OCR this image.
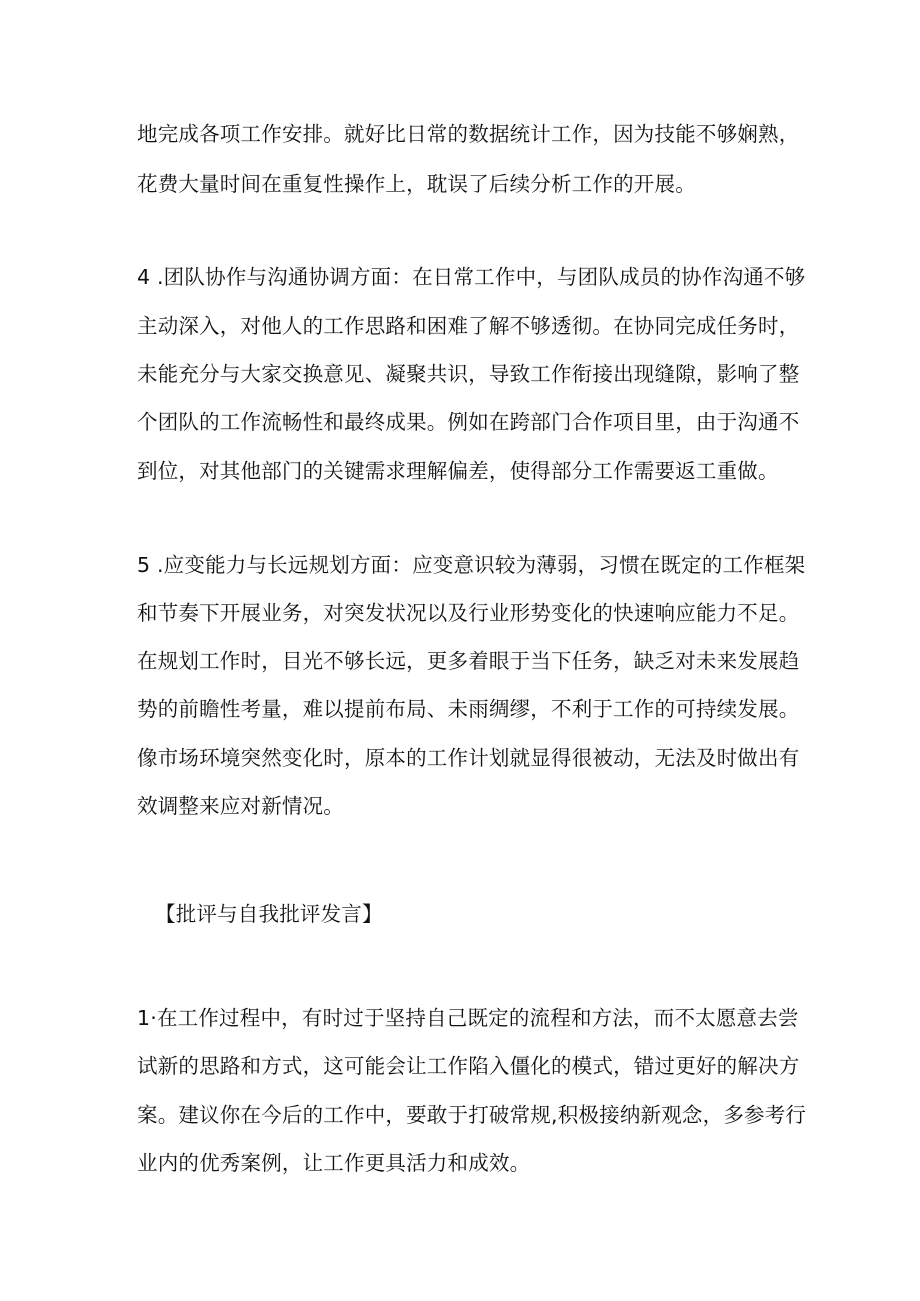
地完成各项工作安排。就好比日常的数据统计工作，因为技能不够娴熟，
花费大量时间在重复性操作上，耽误了后续分析工作的开展。
4 .团队协作与沟通协调方面：在日常工作中，与团队成员的协作沟通不够
主动深入，对他人的工作思路和困难了解不够透彻。在协同完成任务时，
未能充分与大家交换意见、凝聚共识，导致工作衔接出现缝隙，影响了整
个团队的工作流畅性和最终成果。例如在跨部门合作项目里，由于沟通不
到位，对其他部门的关键需求理解偏差，使得部分工作需要返工重做。
5 .应变能力与长远规划方面：应变意识较为薄弱，习惯在既定的工作框架
和节奏下开展业务，对突发状况以及行业形势变化的快速响应能力不足。
在规划工作时，目光不够长远，更多着眼于当下任务，缺乏对未来发展趋
势的前瞻性考量，难以提前布局、未雨绸缪，不利于工作的可持续发展。
像市场环境突然变化时，原本的工作计划就显得很被动，无法及时做出有
效调整来应对新情况。
【批评与自我批评发言】
1·在工作过程中，有时过于坚持自己既定的流程和方法，而不太愿意去尝
试新的思路和方式，这可能会让工作陷入僵化的模式，错过更好的解决方
案。建议你在今后的工作中，要敢于打破常规,积极接纳新观念，多参考行
业内的优秀案例，让工作更具活力和成效。
